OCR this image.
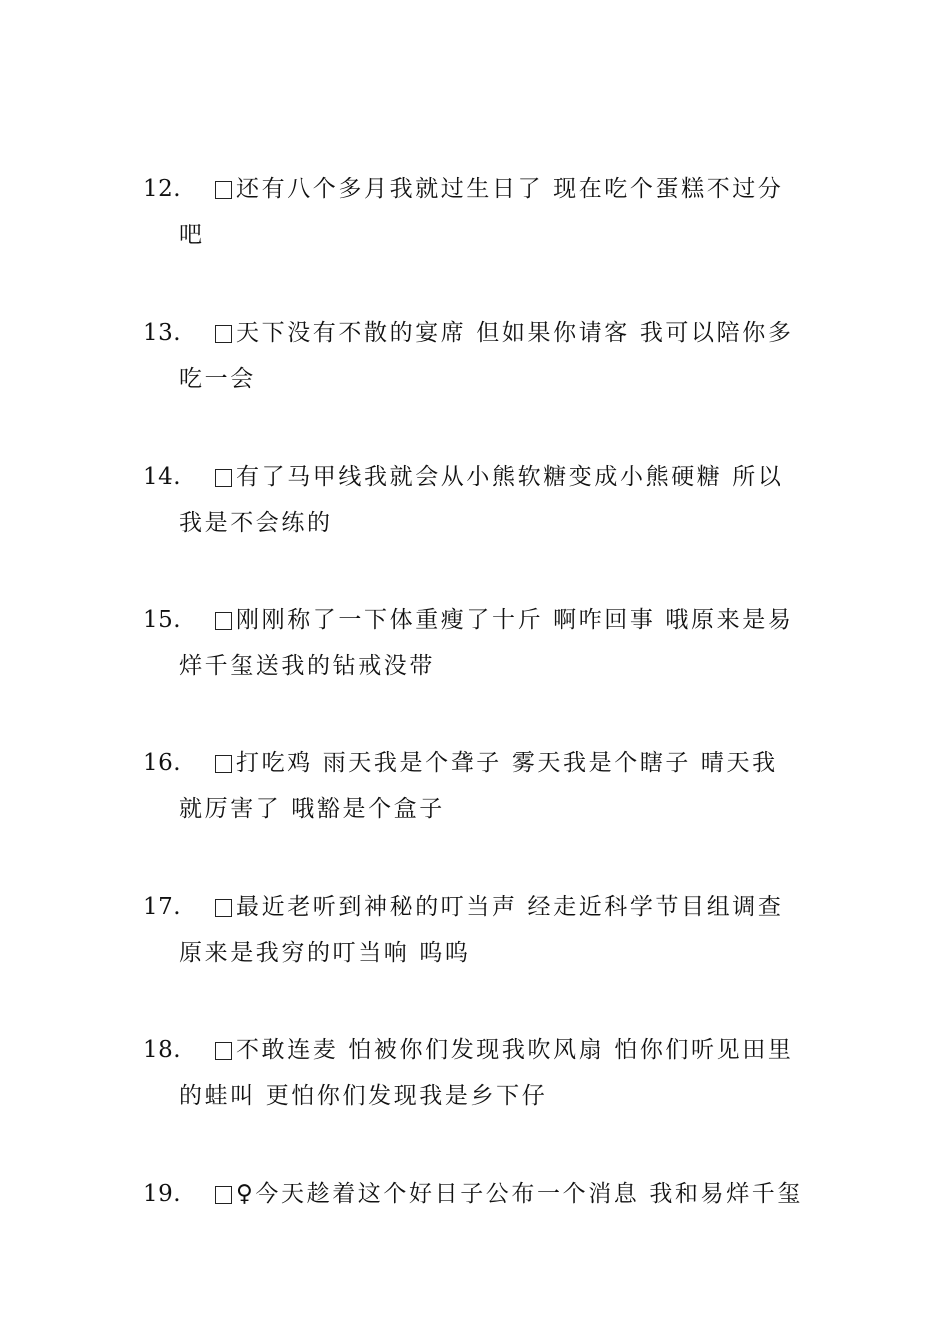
12.	还有八个多月我就过生日了 现在吃个蛋糕不过分
吧
13.	天下没有不散的宴席 但如果你请客 我可以陪你多
吃一会
14.	有了马甲线我就会从小熊软糖变成小熊硬糖 所以
我是不会练的
15.	刚刚称了一下体重瘦了十斤 啊咋回事 哦原来是易
烊千玺送我的钻戒没带
16.	打吃鸡 雨天我是个聋子 雾天我是个瞎子 晴天我
就厉害了 哦豁是个盒子
17.	最近老听到神秘的叮当声 经走近科学节目组调查
原来是我穷的叮当响 呜呜
18.	不敢连麦 怕被你们发现我吹风扇 怕你们听见田里
的蛙叫 更怕你们发现我是乡下仔
19.	♀今天趁着这个好日子公布一个消息 我和易烊千玺
